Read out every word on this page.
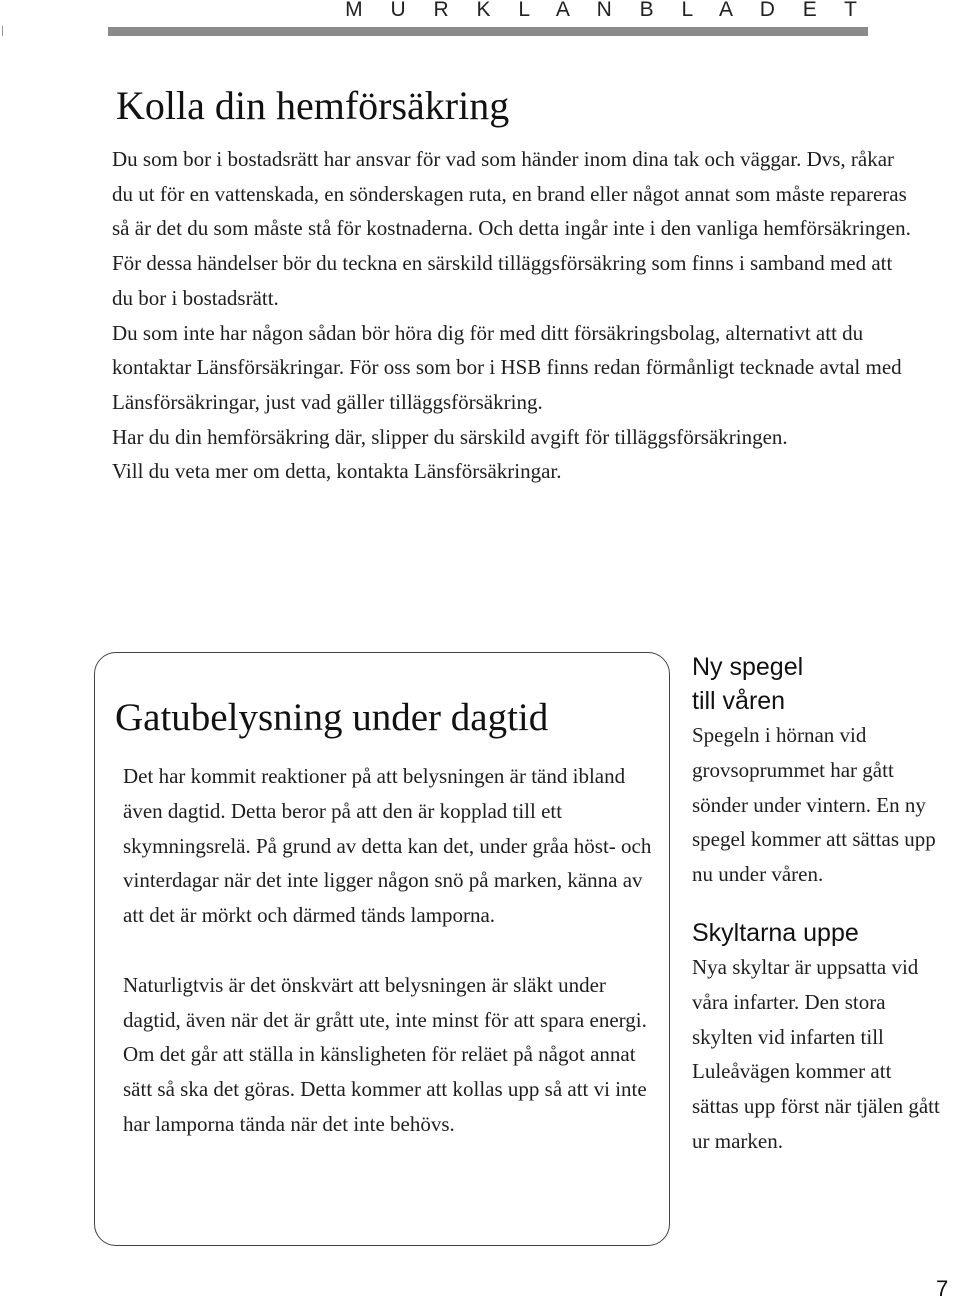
M U R K L A N B L A D E T
Kolla din hemförsäkring

Du som bor i bostadsrätt har ansvar för vad som händer inom dina tak och väggar. Dvs, råkar du ut för en vattenskada, en sönderskagen ruta, en brand eller något annat som måste repareras så är det du som måste stå för kostnaderna. Och detta ingår inte i den vanliga hemförsäkringen. För dessa händelser bör du teckna en särskild tilläggsförsäkring som finns i samband med att du bor i bostadsrätt.

Du som inte har någon sådan bör höra dig för med ditt försäkringsbolag, alternativt att du kontaktar Länsförsäkringar. För oss som bor i HSB finns redan förmånligt tecknade avtal med Länsförsäkringar, just vad gäller tilläggsförsäkring.

Har du din hemförsäkring där, slipper du särskild avgift för tilläggsförsäkringen.

Vill du veta mer om detta, kontakta Länsförsäkringar.

Gatubelysning under dagtid

Det har kommit reaktioner på att belysningen är tänd ibland även dagtid. Detta beror på att den är kopplad till ett skymningsrelä. På grund av detta kan det, under gråa höst- och vinterdagar när det inte ligger någon snö på marken, känna av att det är mörkt och därmed tänds lamporna.

Naturligtvis är det önskvärt att belysningen är släkt under dagtid, även när det är grått ute, inte minst för att spara energi. Om det går att ställa in känsligheten för reläet på något annat sätt så ska det göras. Detta kommer att kollas upp så att vi inte har lamporna tända när det inte behövs.

Ny spegel
till våren

Spegeln i hörnan vid grovsoprummet har gått sönder under vintern. En ny spegel kommer att sättas upp nu under våren.

Skyltarna uppe

Nya skyltar är uppsatta vid våra infarter. Den stora skylten vid infarten till Luleåvägen kommer att sättas upp först när tjälen gått ur marken.

7
